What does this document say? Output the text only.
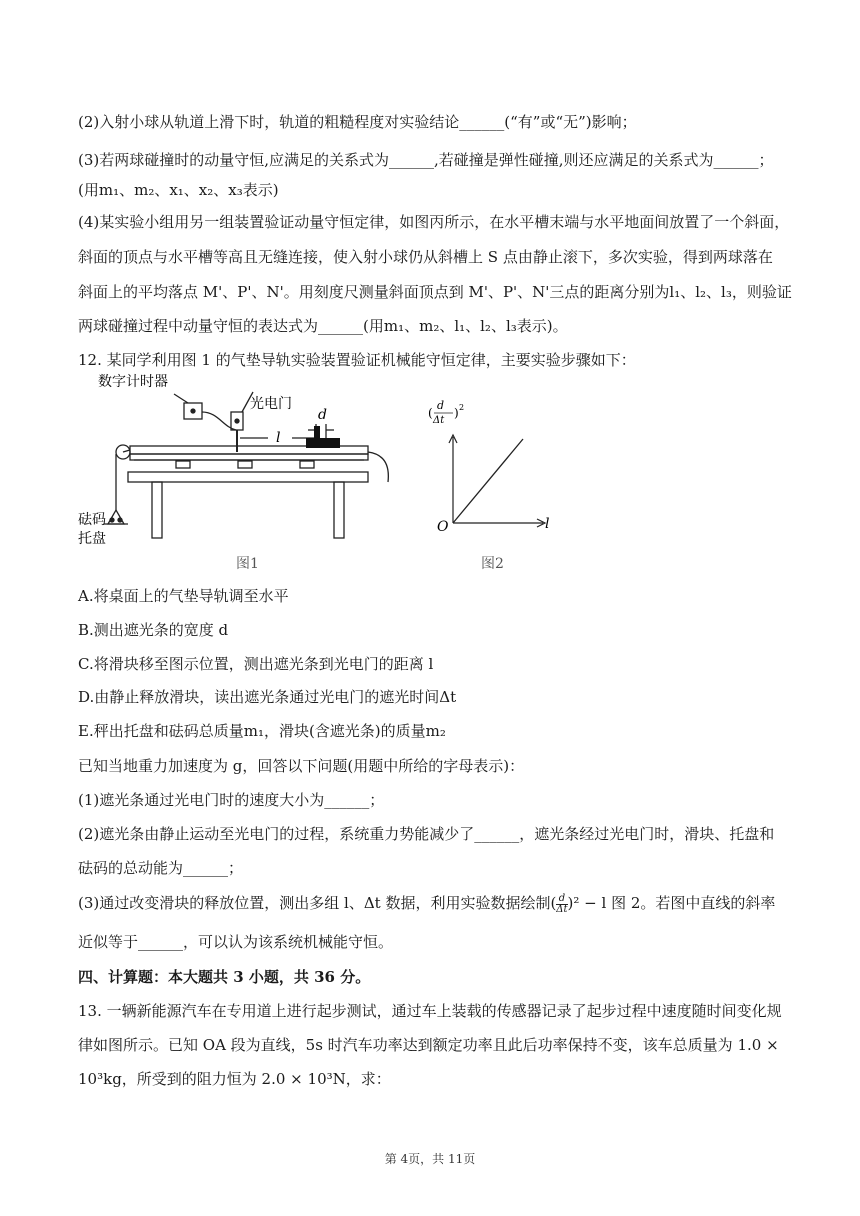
(2)入射小球从轨道上滑下时，轨道的粗糙程度对实验结论______(“有”或“无”)影响；
(3)若两球碰撞时的动量守恒,应满足的关系式为______,若碰撞是弹性碰撞,则还应满足的关系式为______；
(用m₁、m₂、x₁、x₂、x₃表示)
(4)某实验小组用另一组装置验证动量守恒定律，如图丙所示，在水平槽末端与水平地面间放置了一个斜面，
斜面的顶点与水平槽等高且无缝连接，使入射小球仍从斜槽上 S 点由静止滚下，多次实验，得到两球落在
斜面上的平均落点 M'、P'、N'。用刻度尺测量斜面顶点到 M'、P'、N'三点的距离分别为l₁、l₂、l₃，则验证
两球碰撞过程中动量守恒的表达式为______(用m₁、m₂、l₁、l₂、l₃表示)。
12. 某同学利用图 1 的气垫导轨实验装置验证机械能守恒定律，主要实验步骤如下：
数字计时器
光电门
d
l
砝码
托盘
图1
d
Δt
( ) 2
O	l
图2
A.将桌面上的气垫导轨调至水平
B.测出遮光条的宽度 d
C.将滑块移至图示位置，测出遮光条到光电门的距离 l
D.由静止释放滑块，读出遮光条通过光电门的遮光时间Δt
E.秤出托盘和砝码总质量m₁，滑块(含遮光条)的质量m₂
已知当地重力加速度为 g，回答以下问题(用题中所给的字母表示)：
(1)遮光条通过光电门时的速度大小为______；
(2)遮光条由静止运动至光电门的过程，系统重力势能减少了______，遮光条经过光电门时，滑块、托盘和
砝码的总动能为______；
(3)通过改变滑块的释放位置，测出多组 l、Δt 数据，利用实验数据绘制( $\frac{d}{\Delta t} )^2 - l$ 图 2。若图中直线的斜率
近似等于______，可以认为该系统机械能守恒。
四、计算题：本大题共 3 小题，共 36 分。
13. 一辆新能源汽车在专用道上进行起步测试，通过车上装载的传感器记录了起步过程中速度随时间变化规
律如图所示。已知 OA 段为直线，5s 时汽车功率达到额定功率且此后功率保持不变，该车总质量为 1.0 ×
10³kg，所受到的阻力恒为 2.0 × 10³N，求：
第 4页，共 11页
